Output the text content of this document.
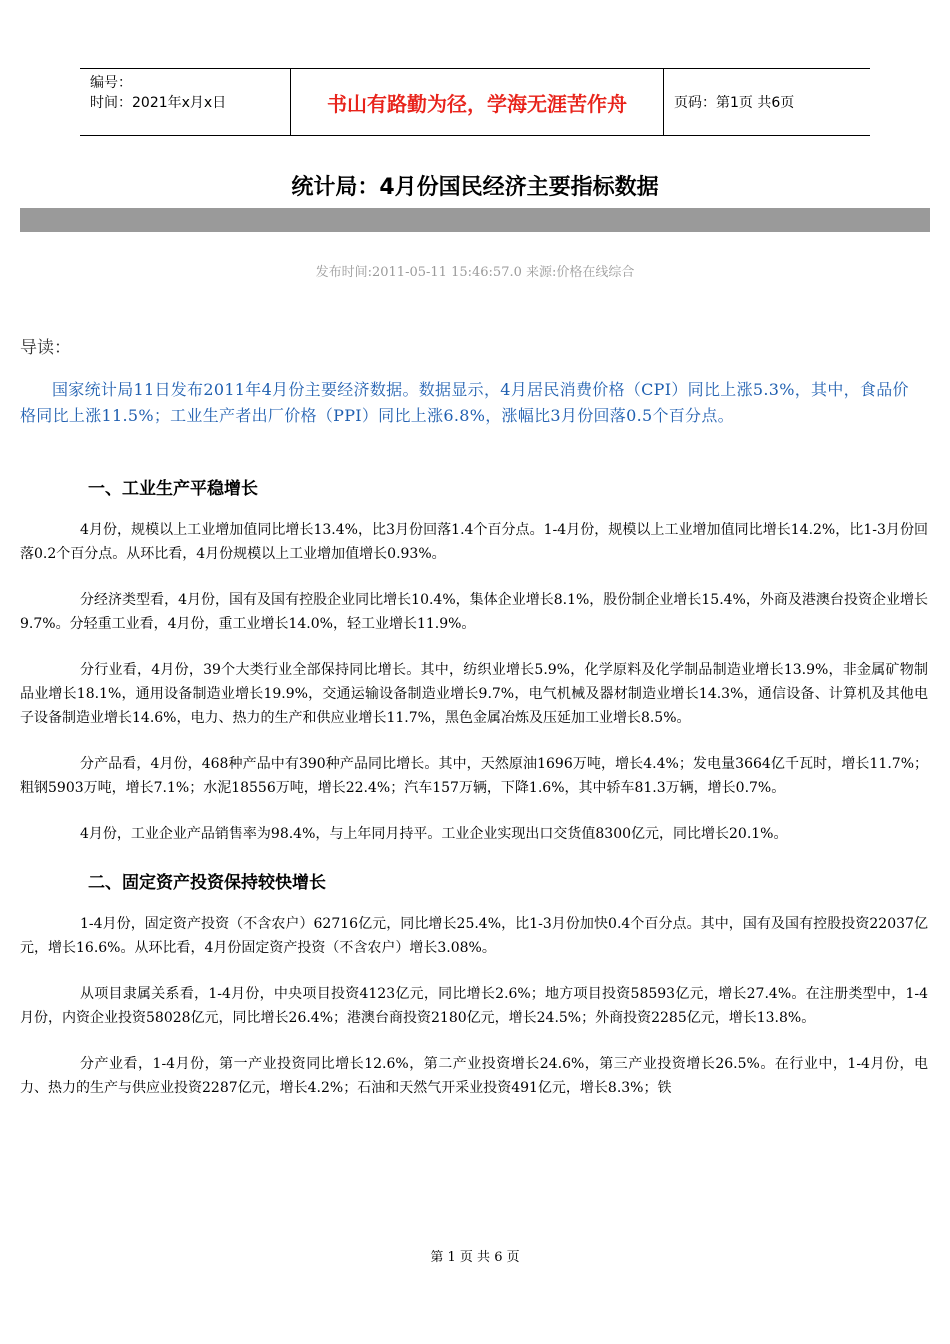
编号：
时间：2021年x月x日	书山有路勤为径，学海无涯苦作舟	页码：第1页 共6页
统计局：4月份国民经济主要指标数据
发布时间:2011-05-11 15:46:57.0 来源:价格在线综合
导读：
国家统计局11日发布2011年4月份主要经济数据。数据显示，4月居民消费价格（CPI）同比上涨5.3%，其中，食品价格同比上涨11.5%；工业生产者出厂价格（PPI）同比上涨6.8%，涨幅比3月份回落0.5个百分点。
一、工业生产平稳增长

4月份，规模以上工业增加值同比增长13.4%，比3月份回落1.4个百分点。1-4月份，规模以上工业增加值同比增长14.2%，比1-3月份回落0.2个百分点。从环比看，4月份规模以上工业增加值增长0.93%。

分经济类型看，4月份，国有及国有控股企业同比增长10.4%，集体企业增长8.1%，股份制企业增长15.4%，外商及港澳台投资企业增长9.7%。分轻重工业看，4月份，重工业增长14.0%，轻工业增长11.9%。

分行业看，4月份，39个大类行业全部保持同比增长。其中，纺织业增长5.9%，化学原料及化学制品制造业增长13.9%，非金属矿物制品业增长18.1%，通用设备制造业增长19.9%，交通运输设备制造业增长9.7%，电气机械及器材制造业增长14.3%，通信设备、计算机及其他电子设备制造业增长14.6%，电力、热力的生产和供应业增长11.7%，黑色金属冶炼及压延加工业增长8.5%。

分产品看，4月份，468种产品中有390种产品同比增长。其中，天然原油1696万吨，增长4.4%；发电量3664亿千瓦时，增长11.7%；粗钢5903万吨，增长7.1%；水泥18556万吨，增长22.4%；汽车157万辆，下降1.6%，其中轿车81.3万辆，增长0.7%。

4月份，工业企业产品销售率为98.4%，与上年同月持平。工业企业实现出口交货值8300亿元，同比增长20.1%。

二、固定资产投资保持较快增长

1-4月份，固定资产投资（不含农户）62716亿元，同比增长25.4%，比1-3月份加快0.4个百分点。其中，国有及国有控股投资22037亿元，增长16.6%。从环比看，4月份固定资产投资（不含农户）增长3.08%。

从项目隶属关系看，1-4月份，中央项目投资4123亿元，同比增长2.6%；地方项目投资58593亿元，增长27.4%。在注册类型中，1-4月份，内资企业投资58028亿元，同比增长26.4%；港澳台商投资2180亿元，增长24.5%；外商投资2285亿元，增长13.8%。

分产业看，1-4月份，第一产业投资同比增长12.6%，第二产业投资增长24.6%，第三产业投资增长26.5%。在行业中，1-4月份，电力、热力的生产与供应业投资2287亿元，增长4.2%；石油和天然气开采业投资491亿元，增长8.3%；铁

第 1 页 共 6 页
